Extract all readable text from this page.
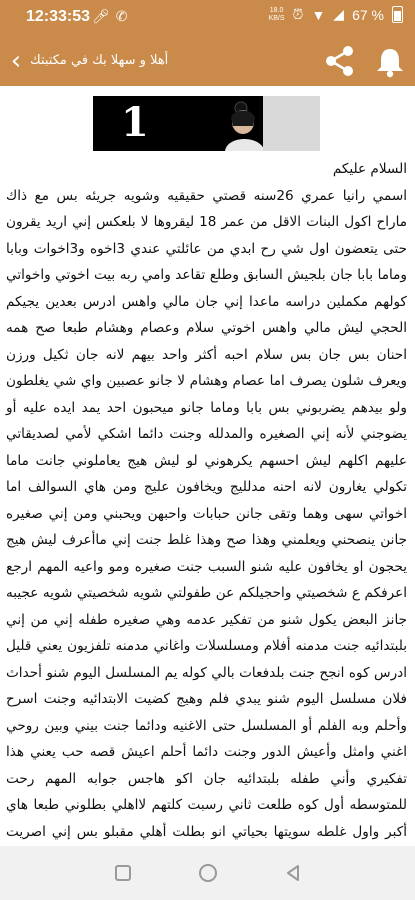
12:33:53 🎤︎✆	18.0
KB/S ⏰︎ ▼ ◢ 67 %
‹ أهلا و سهلا بك في مكتبتك
1

السلام عليكم

اسمي رانيا عمري 26سنه قصتي حقيقيه وشويه جريئه بس مع ذاك ماراح اكول البنات الاقل من عمر 18 ليقروها لا بلعكس إني اريد يقرون حتى يتعضون اول شي رح ابدي من عائلتي عندي 3اخوه و3اخوات وبابا وماما بابا جان بلجيش السابق وطلع تقاعد وامي ربه بيت اخوتي واخواتي كولهم مكملين دراسه ماعدا إني جان مالي واهس ادرس بعدين يجيكم الحجي ليش مالي واهس اخوتي سلام وعصام وهشام طبعا صح همه احنان بس جان بس سلام احبه أكثر واحد بيهم لانه جان ثكيل ورزن ويعرف شلون يصرف اما عصام وهشام لا جانو عصبين واي شي يغلطون ولو بيدهم يضربوني بس بابا وماما جانو ميحبون احد يمد ايده عليه أو يضوجني لأنه إني الصغيره والمدلله وجنت دائما اشكي لأمي لصديقاتي عليهم اكلهم ليش احسهم يكرهوني لو ليش هيج يعاملوني جانت ماما تكولي يغارون لانه احنه مدلليج ويخافون عليج ومن هاي السوالف اما اخواتي سهى وهما وتقى جانن حبابات واحبهن ويحبني ومن إني صغيره جانن ينصحني ويعلمني وهذا صح وهذا غلط جنت إني ماأعرف ليش هيج يحجون او يخافون عليه شنو السبب جنت صغيره ومو واعيه المهم ارجع اعرفكم ع شخصيتي واحجيلكم عن طفولتي شويه شخصيتي شويه عجيبه جانز البعض يكول شنو من تفكير عدمه وهي صغيره طفله إني من إني بلبتدائيه جنت مدمنه أفلام ومسلسلات واغاني مدمنه تلفزيون يعني قليل ادرس كوه انجح جنت بلدفعات بالي كوله يم المسلسل اليوم شنو أحداث فلان مسلسل اليوم شنو يبدي فلم وهيج كضيت الابتدائيه وجنت اسرح وأحلم وبه الفلم أو المسلسل حتى الاغنيه ودائما جنت بيني وبين روحي اغني وامثل وأعيش الدور وجنت دائما أحلم اعيش قصه حب يعني هذا تفكيري وأني طفله بلبتدائيه جان اكو هاجس جوابه المهم رحت للمتوسطه أول كوه طلعت ثاني رسبت كلتهم لااهلي بطلوني طبعا هاي أكبر واول غلطه سويتها بحياتي انو بطلت أهلي مقبلو بس إني اصريت
